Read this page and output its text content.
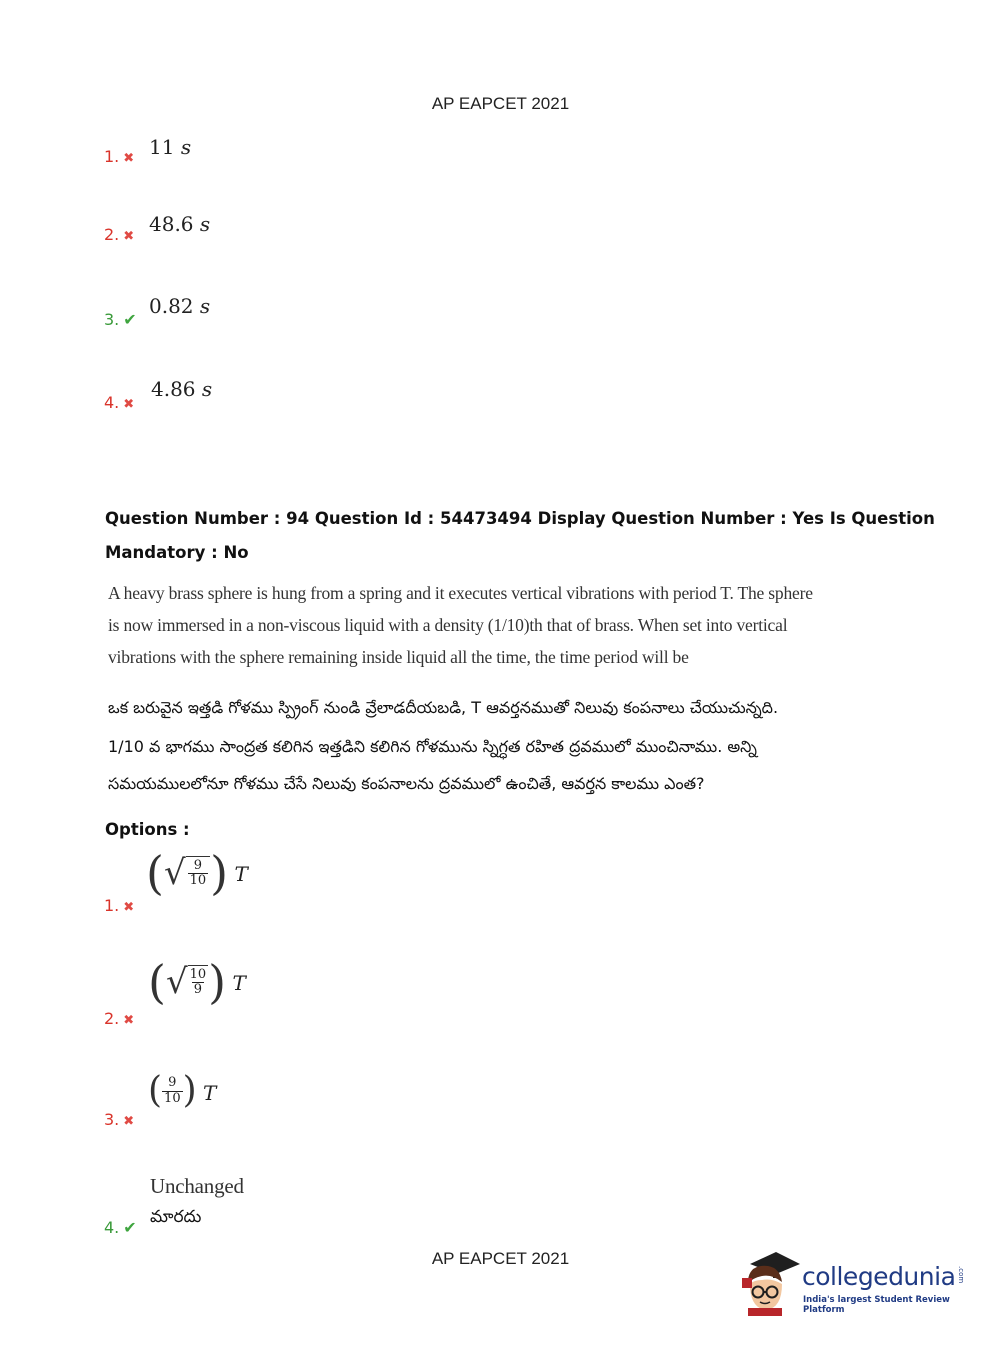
AP EAPCET 2021
1. ✖ 11 s
2. ✖ 48.6 s
3. ✔
0.82 s
4. ✖
4.86 s
Question Number : 94 Question Id : 54473494 Display Question Number : Yes Is Question
Mandatory : No
A heavy brass sphere is hung from a spring and it executes vertical vibrations with period T. The sphere
is now immersed in a non-viscous liquid with a density (1/10)th that of brass. When set into vertical
vibrations with the sphere remaining inside liquid all the time, the time period will be
ఒక బరువైన ఇత్తడి గోళము స్ప్రింగ్ నుండి వ్రేలాడదీయబడి, T ఆవర్తనముతో నిలువు కంపనాలు చేయుచున్నది.
1/10 వ భాగము సాంద్రత కలిగిన ఇత్తడిని కలిగిన గోళమును స్నిగ్ధత రహిత ద్రవములో ముంచినాము. అన్ని
సమయములలోనూ గోళము చేసే నిలువు కంపనాలను ద్రవములో ఉంచితే, ఆవర్తన కాలము ఎంత?
Options :
1. ✖
( √ $\frac{9}{10}$ ) T
2. ✖
( √ $\frac{10}{9}$ ) T
3. ✖
( $\frac{9}{10}$ ) T
4. ✔
Unchanged
మారదు
AP EAPCET 2021
collegedunia .com
India's largest Student Review Platform
